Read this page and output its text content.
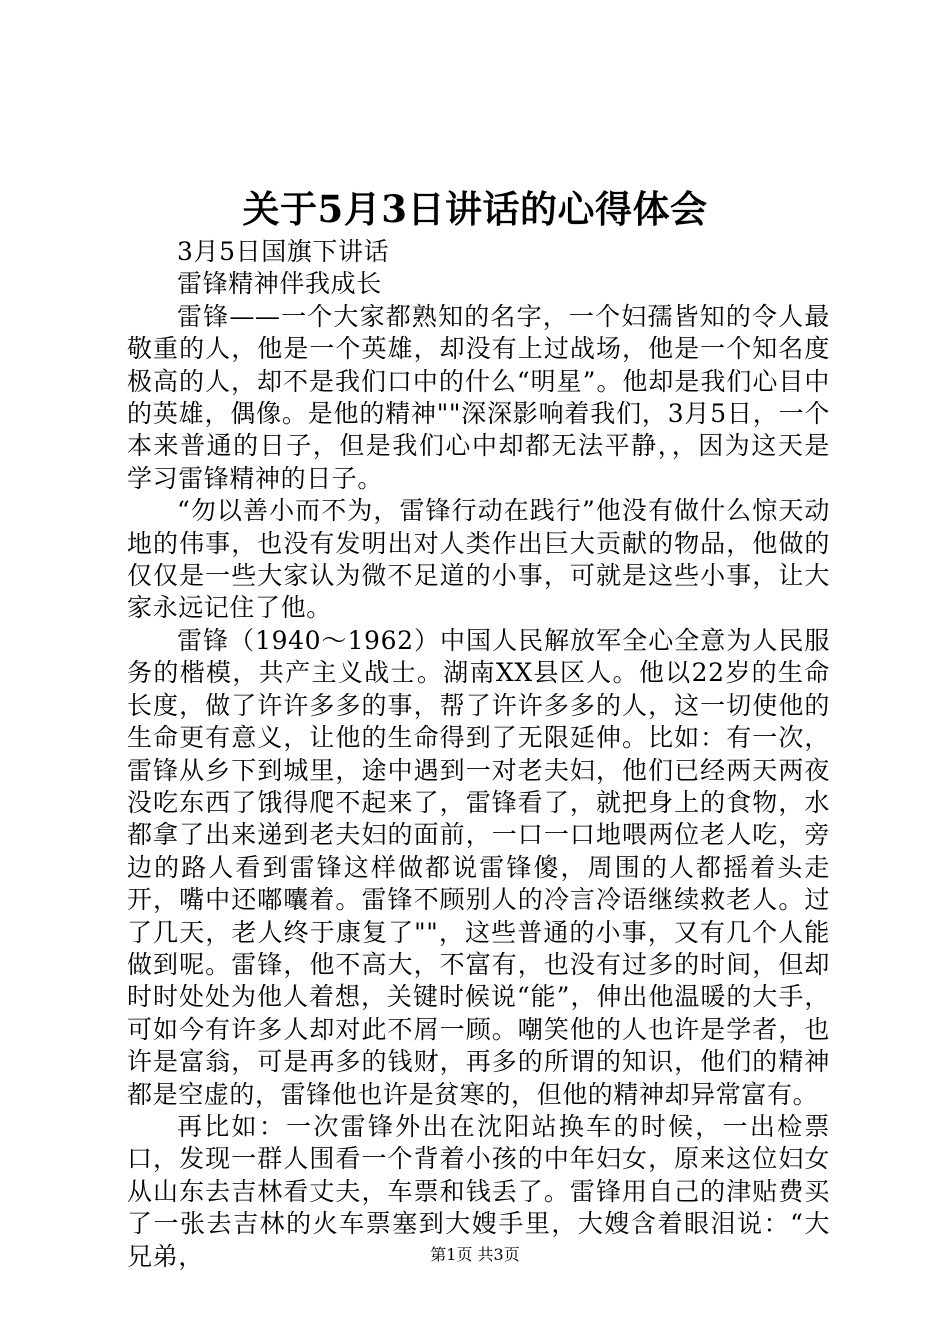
关于5月3日讲话的心得体会

3月5日国旗下讲话

雷锋精神伴我成长

雷锋——一个大家都熟知的名字，一个妇孺皆知的令人最敬重的人，他是一个英雄，却没有上过战场，他是一个知名度极高的人，却不是我们口中的什么“明星”。他却是我们心目中的英雄，偶像。是他的精神""深深影响着我们，3月5日，一个本来普通的日子，但是我们心中却都无法平静，，因为这天是学习雷锋精神的日子。

“勿以善小而不为，雷锋行动在践行”他没有做什么惊天动地的伟事，也没有发明出对人类作出巨大贡献的物品，他做的仅仅是一些大家认为微不足道的小事，可就是这些小事，让大家永远记住了他。

雷锋（1940～1962）中国人民解放军全心全意为人民服务的楷模，共产主义战士。湖南XX县区人。他以22岁的生命长度，做了许许多多的事，帮了许许多多的人，这一切使他的生命更有意义，让他的生命得到了无限延伸。比如：有一次，雷锋从乡下到城里，途中遇到一对老夫妇，他们已经两天两夜没吃东西了饿得爬不起来了，雷锋看了，就把身上的食物，水都拿了出来递到老夫妇的面前，一口一口地喂两位老人吃，旁边的路人看到雷锋这样做都说雷锋傻，周围的人都摇着头走开，嘴中还嘟囔着。雷锋不顾别人的冷言冷语继续救老人。过了几天，老人终于康复了""，这些普通的小事，又有几个人能做到呢。雷锋，他不高大，不富有，也没有过多的时间，但却时时处处为他人着想，关键时候说“能”，伸出他温暖的大手，可如今有许多人却对此不屑一顾。嘲笑他的人也许是学者，也许是富翁，可是再多的钱财，再多的所谓的知识，他们的精神都是空虚的，雷锋他也许是贫寒的，但他的精神却异常富有。

再比如：一次雷锋外出在沈阳站换车的时候，一出检票口，发现一群人围看一个背着小孩的中年妇女，原来这位妇女从山东去吉林看丈夫，车票和钱丢了。雷锋用自己的津贴费买了一张去吉林的火车票塞到大嫂手里，大嫂含着眼泪说：“大兄弟，	第1页 共3页
